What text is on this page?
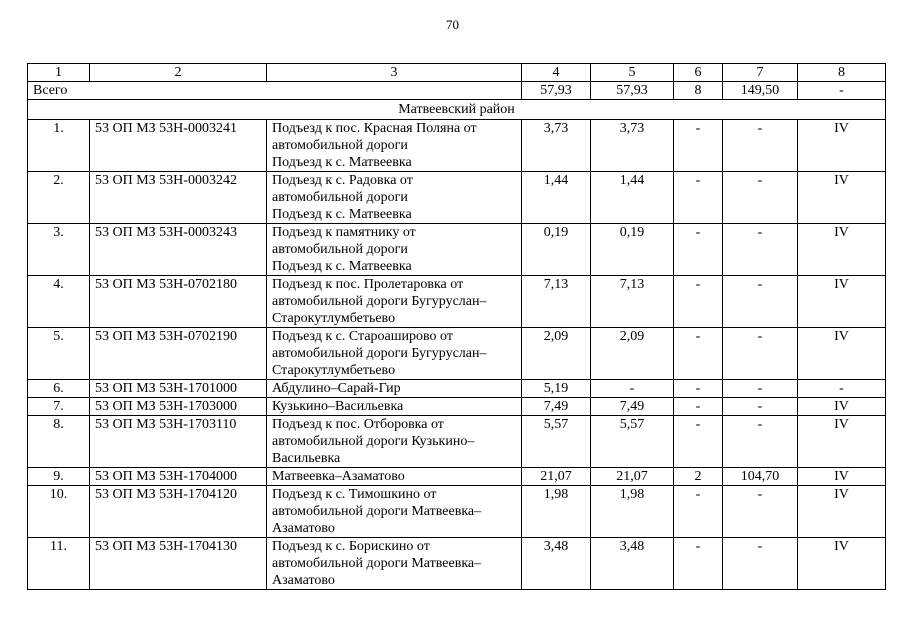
70
1	2	3	4	5	6	7	8
Всего			57,93	57,93	8	149,50	-
Матвеевский район							
1.	53 ОП МЗ 53Н-0003241	Подъезд к пос. Красная Поляна от
автомобильной дороги
Подъезд к с. Матвеевка	3,73	3,73	-	-	IV
2.	53 ОП МЗ 53Н-0003242	Подъезд к с. Радовка от
автомобильной дороги
Подъезд к с. Матвеевка	1,44	1,44	-	-	IV
3.	53 ОП МЗ 53Н-0003243	Подъезд к памятнику от
автомобильной дороги
Подъезд к с. Матвеевка	0,19	0,19	-	-	IV
4.	53 ОП МЗ 53Н-0702180	Подъезд к пос. Пролетаровка от
автомобильной дороги Бугуруслан–
Старокутлумбетьево	7,13	7,13	-	-	IV
5.	53 ОП МЗ 53Н-0702190	Подъезд к с. Староаширово от
автомобильной дороги Бугуруслан–
Старокутлумбетьево	2,09	2,09	-	-	IV
6.	53 ОП МЗ 53Н-1701000	Абдулино–Сарай-Гир	5,19	-	-	-	-
7.	53 ОП МЗ 53Н-1703000	Кузькино–Васильевка	7,49	7,49	-	-	IV
8.	53 ОП МЗ 53Н-1703110	Подъезд к пос. Отборовка от
автомобильной дороги Кузькино–
Васильевка	5,57	5,57	-	-	IV
9.	53 ОП МЗ 53Н-1704000	Матвеевка–Азаматово	21,07	21,07	2	104,70	IV
10.	53 ОП МЗ 53Н-1704120	Подъезд к с. Тимошкино от
автомобильной дороги Матвеевка–
Азаматово	1,98	1,98	-	-	IV
11.	53 ОП МЗ 53Н-1704130	Подъезд к с. Борискино от
автомобильной дороги Матвеевка–
Азаматово	3,48	3,48	-	-	IV
